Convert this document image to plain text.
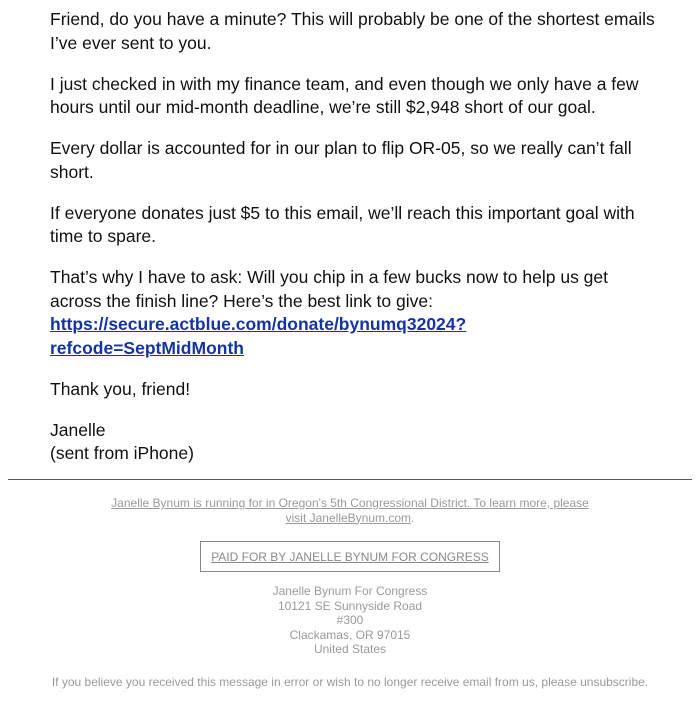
Friend, do you have a minute? This will probably be one of the shortest emails I’ve ever sent to you.

I just checked in with my finance team, and even though we only have a few hours until our mid-month deadline, we’re still $2,948 short of our goal.

Every dollar is accounted for in our plan to flip OR-05, so we really can’t fall short.

If everyone donates just $5 to this email, we’ll reach this important goal with time to spare.

That’s why I have to ask: Will you chip in a few bucks now to help us get across the finish line? Here’s the best link to give:
https://secure.actblue.com/donate/bynumq32024?
refcode=SeptMidMonth

Thank you, friend!

Janelle
(sent from iPhone)

Janelle Bynum is running for in Oregon's 5th Congressional District. To learn more, please visit JanelleBynum.com.
PAID FOR BY JANELLE BYNUM FOR CONGRESS
Janelle Bynum For Congress
10121 SE Sunnyside Road
#300
Clackamas, OR 97015
United States
If you believe you received this message in error or wish to no longer receive email from us, please unsubscribe.
